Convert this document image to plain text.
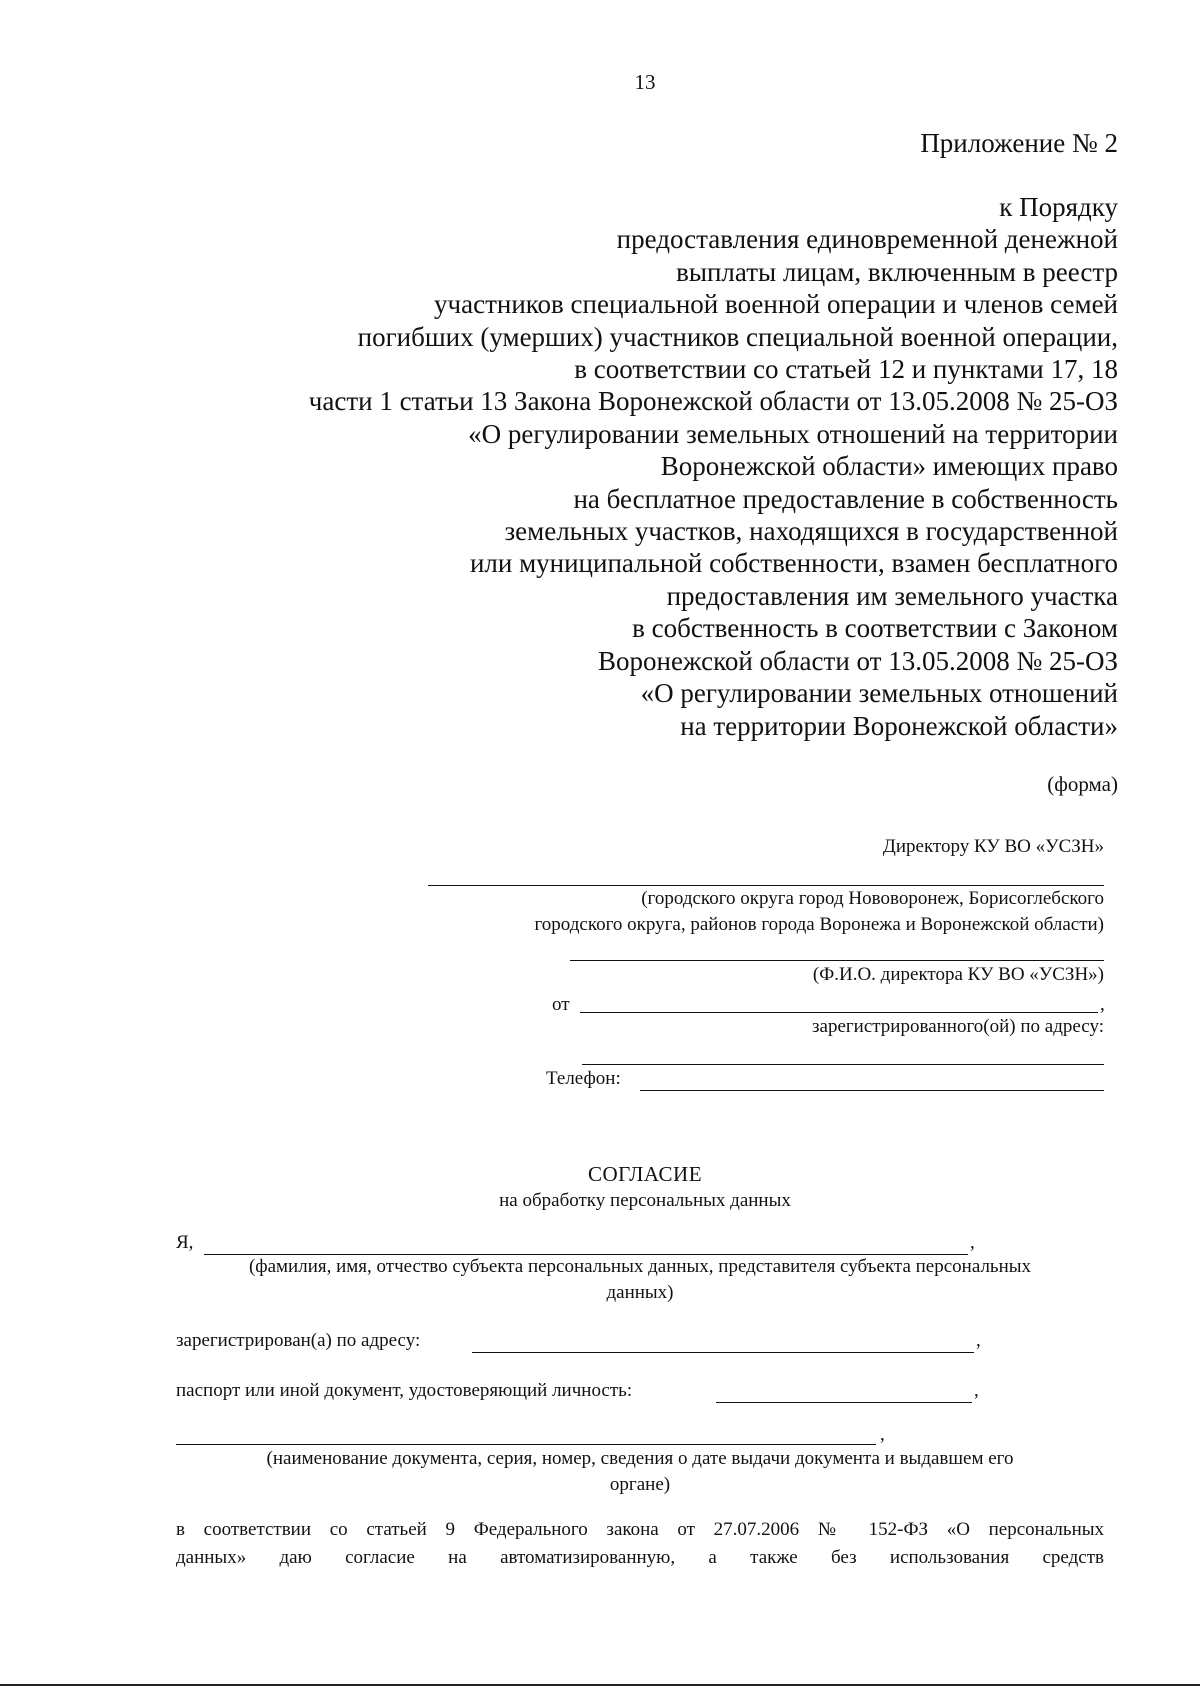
13
Приложение № 2
к Порядку
предоставления единовременной денежной
выплаты лицам, включенным в реестр
участников специальной военной операции и членов семей
погибших (умерших) участников специальной военной операции,
в соответствии со статьей 12 и пунктами 17, 18
части 1 статьи 13 Закона Воронежской области от 13.05.2008 № 25-ОЗ
«О регулировании земельных отношений на территории
Воронежской области» имеющих право
на бесплатное предоставление в собственность
земельных участков, находящихся в государственной
или муниципальной собственности, взамен бесплатного
предоставления им земельного участка
в собственность в соответствии с Законом
Воронежской области от 13.05.2008 № 25-ОЗ
«О регулировании земельных отношений
на территории Воронежской области»
(форма)
Директору КУ ВО «УСЗН»
(городского округа город Нововоронеж, Борисоглебского
городского округа, районов города Воронежа и Воронежской области)
(Ф.И.О. директора КУ ВО «УСЗН»)
от	,
зарегистрированного(ой) по адресу:
Телефон:
СОГЛАСИЕ
на обработку персональных данных
Я,	,
(фамилия, имя, отчество субъекта персональных данных, представителя субъекта персональных
данных)
зарегистрирован(а) по адресу:	,
паспорт или иной документ, удостоверяющий личность:	,
,
(наименование документа, серия, номер, сведения о дате выдачи документа и выдавшем его
органе)
в соответствии со статьей 9 Федерального закона от 27.07.2006 № 152-ФЗ «О персональных
данных» даю согласие на автоматизированную, а также без использования средств
